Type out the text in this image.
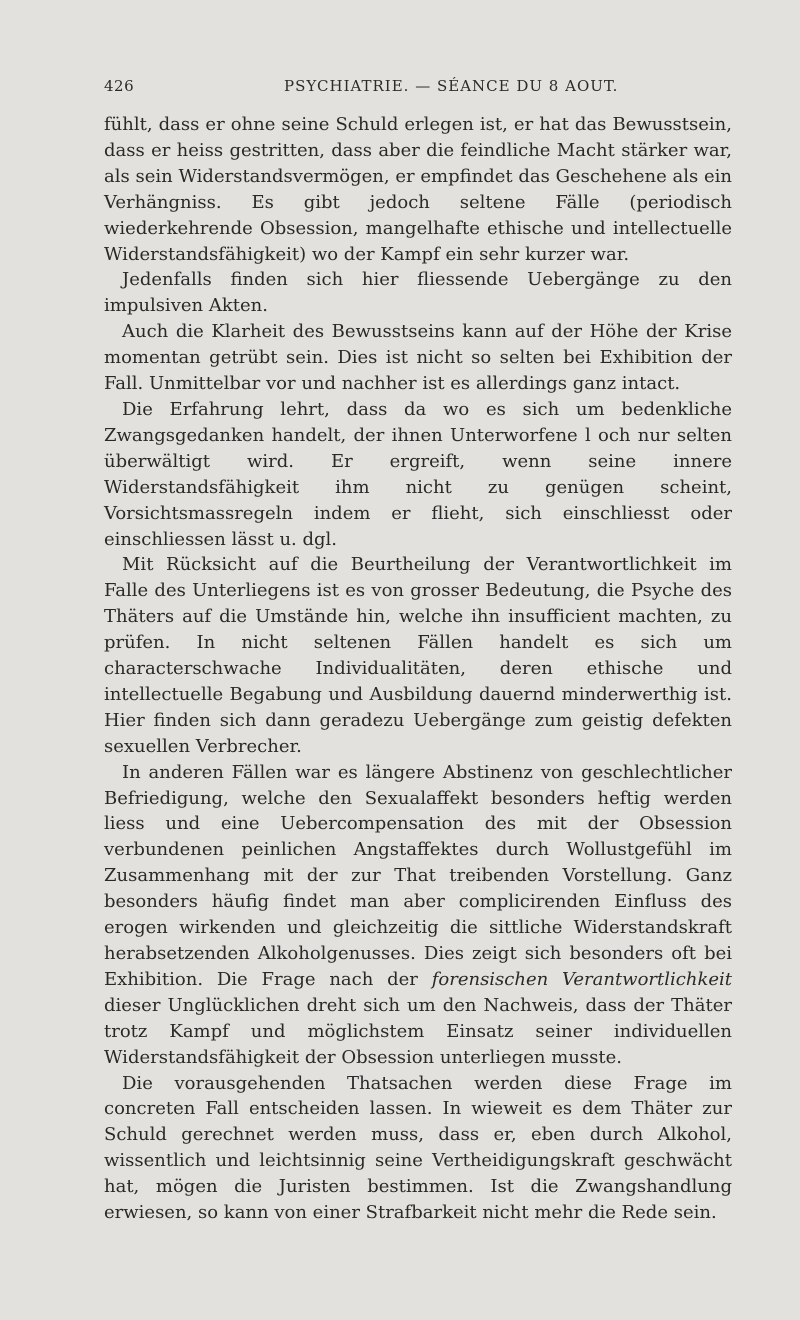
426	PSYCHIATRIE. — SÉANCE DU 8 AOUT.

fühlt, dass er ohne seine Schuld erlegen ist, er hat das Bewusstsein, dass er heiss gestritten, dass aber die feindliche Macht stärker war, als sein Widerstandsvermögen, er empfindet das Geschehene als ein Verhängniss. Es gibt jedoch seltene Fälle (periodisch wiederkehrende Obsession, mangelhafte ethische und intellectuelle Widerstandsfähigkeit) wo der Kampf ein sehr kurzer war.

Jedenfalls finden sich hier fliessende Uebergänge zu den impulsiven Akten.

Auch die Klarheit des Bewusstseins kann auf der Höhe der Krise momentan getrübt sein. Dies ist nicht so selten bei Exhibition der Fall. Unmittelbar vor und nachher ist es allerdings ganz intact.

Die Erfahrung lehrt, dass da wo es sich um bedenkliche Zwangsgedanken handelt, der ihnen Unterworfene l och nur selten überwältigt wird. Er ergreift, wenn seine innere Widerstandsfähigkeit ihm nicht zu genügen scheint, Vorsichtsmassregeln indem er flieht, sich einschliesst oder einschliessen lässt u. dgl.

Mit Rücksicht auf die Beurtheilung der Verantwortlichkeit im Falle des Unterliegens ist es von grosser Bedeutung, die Psyche des Thäters auf die Umstände hin, welche ihn insufficient machten, zu prüfen. In nicht seltenen Fällen handelt es sich um characterschwache Individualitäten, deren ethische und intellectuelle Begabung und Ausbildung dauernd minderwerthig ist. Hier finden sich dann geradezu Uebergänge zum geistig defekten sexuellen Verbrecher.

In anderen Fällen war es längere Abstinenz von geschlechtlicher Befriedigung, welche den Sexualaffekt besonders heftig werden liess und eine Uebercompensation des mit der Obsession verbundenen peinlichen Angstaffektes durch Wollustgefühl im Zusammenhang mit der zur That treibenden Vorstellung. Ganz besonders häufig findet man aber complicirenden Einfluss des erogen wirkenden und gleichzeitig die sittliche Widerstandskraft herabsetzenden Alkoholgenusses. Dies zeigt sich besonders oft bei Exhibition. Die Frage nach der forensischen Verantwortlichkeit dieser Unglücklichen dreht sich um den Nachweis, dass der Thäter trotz Kampf und möglichstem Einsatz seiner individuellen Widerstandsfähigkeit der Obsession unterliegen musste.

Die vorausgehenden Thatsachen werden diese Frage im concreten Fall entscheiden lassen. In wieweit es dem Thäter zur Schuld gerechnet werden muss, dass er, eben durch Alkohol, wissentlich und leichtsinnig seine Vertheidigungskraft geschwächt hat, mögen die Juristen bestimmen. Ist die Zwangshandlung erwiesen, so kann von einer Strafbarkeit nicht mehr die Rede sein.
